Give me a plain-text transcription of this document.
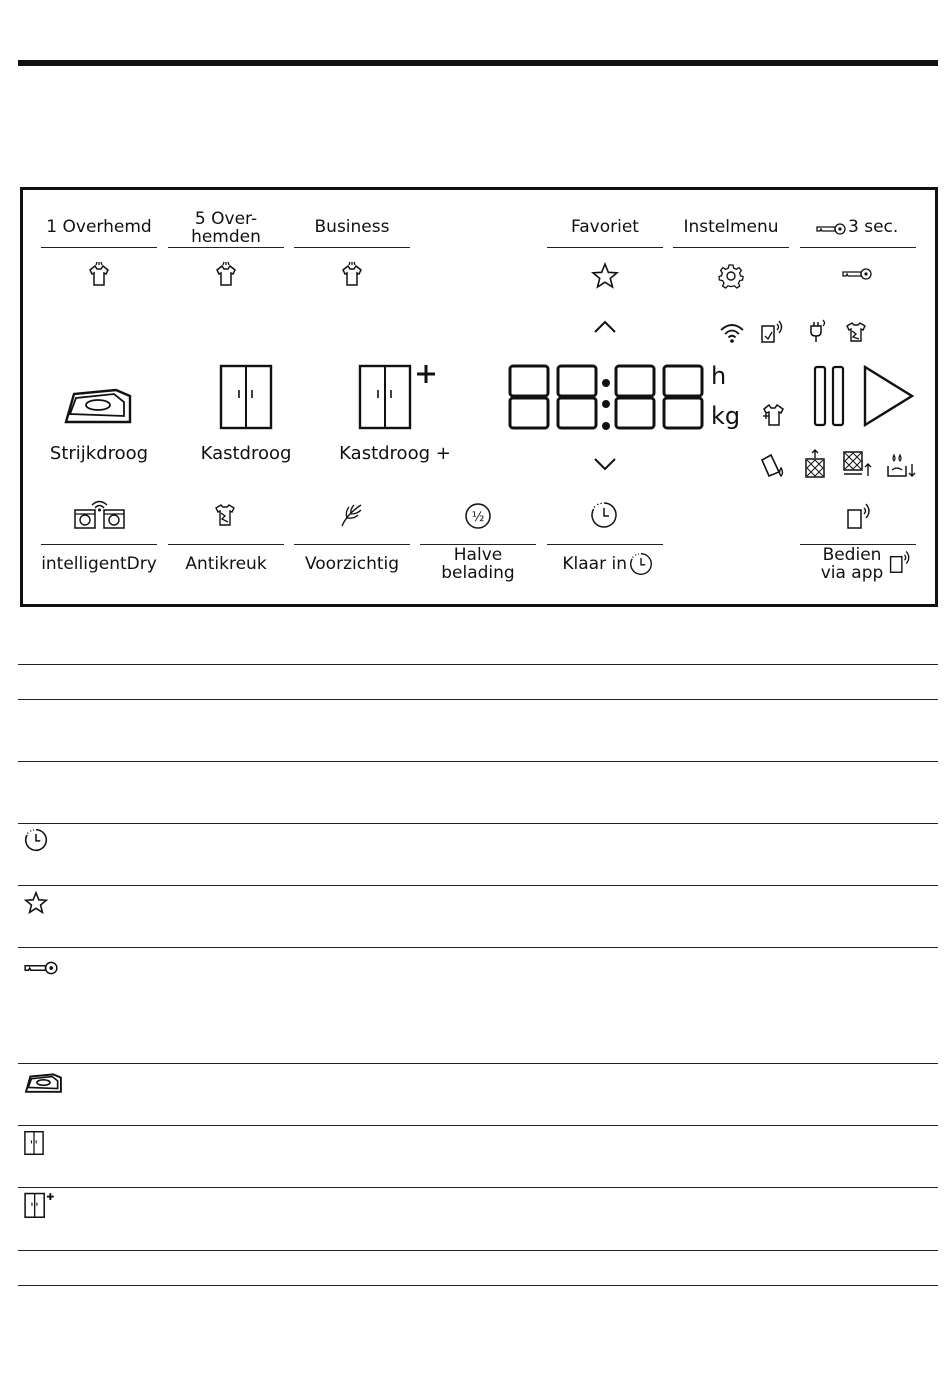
1 Overhemd	5 Over-
hemden	Business	Favoriet	Instelmenu	3 sec.
Strijkdroog	Kastdroog	Kastdroog +
h
kg
intelligentDry	Antikreuk	Voorzichtig
½
Halve
belading	Klaar in	Bedien
via app
